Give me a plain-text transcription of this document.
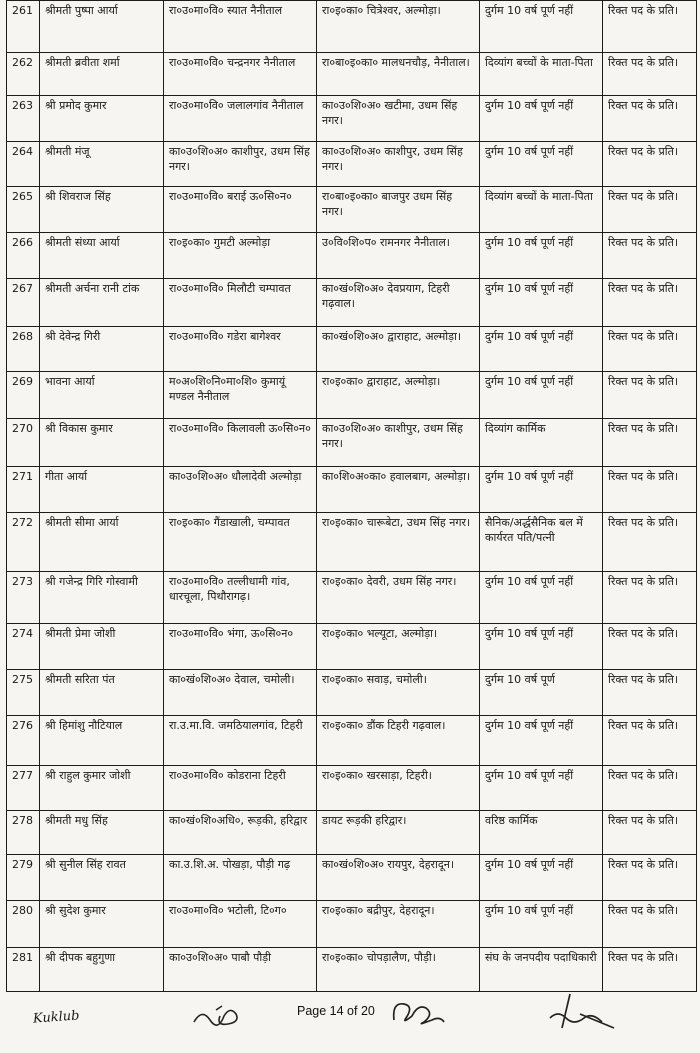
261	श्रीमती पुष्पा आर्या	रा०उ०मा०वि० स्यात नैनीताल	रा०इ०का० चित्रेश्वर, अल्मोड़ा।	दुर्गम 10 वर्ष पूर्ण नहीं	रिक्त पद के प्रति।
262	श्रीमती ब्रवीता शर्मा	रा०उ०मा०वि० चन्द्रनगर नैनीताल	रा०बा०इ०का० मालधनचौड़, नैनीताल।	दिव्यांग बच्चों के माता-पिता	रिक्त पद के प्रति।
263	श्री प्रमोद कुमार	रा०उ०मा०वि० जलालगांव नैनीताल	का०उ०शि०अ० खटीमा, उधम सिंह नगर।	दुर्गम 10 वर्ष पूर्ण नहीं	रिक्त पद के प्रति।
264	श्रीमती मंजू	का०उ०शि०अ० काशीपुर, उधम सिंह नगर।	का०उ०शि०अ० काशीपुर, उधम सिंह नगर।	दुर्गम 10 वर्ष पूर्ण नहीं	रिक्त पद के प्रति।
265	श्री शिवराज सिंह	रा०उ०मा०वि० बराई ऊ०सि०न०	रा०बा०इ०का० बाजपुर उधम सिंह नगर।	दिव्यांग बच्चों के माता-पिता	रिक्त पद के प्रति।
266	श्रीमती संध्या आर्या	रा०इ०का० गुमटी अल्मोड़ा	उ०वि०शि०प० रामनगर नैनीताल।	दुर्गम 10 वर्ष पूर्ण नहीं	रिक्त पद के प्रति।
267	श्रीमती अर्चना रानी टांक	रा०उ०मा०वि० मिलौटी चम्पावत	का०खं०शि०अ० देवप्रयाग, टिहरी गढ़वाल।	दुर्गम 10 वर्ष पूर्ण नहीं	रिक्त पद के प्रति।
268	श्री देवेन्द्र गिरी	रा०उ०मा०वि० गडेरा बागेश्वर	का०खं०शि०अ० द्वाराहाट, अल्मोड़ा।	दुर्गम 10 वर्ष पूर्ण नहीं	रिक्त पद के प्रति।
269	भावना आर्या	म०अ०शि०नि०मा०शि० कुमायूं मण्डल नैनीताल	रा०इ०का० द्वाराहाट, अल्मोड़ा।	दुर्गम 10 वर्ष पूर्ण नहीं	रिक्त पद के प्रति।
270	श्री विकास कुमार	रा०उ०मा०वि० किलावली ऊ०सि०न०	का०उ०शि०अ० काशीपुर, उधम सिंह नगर।	दिव्यांग कार्मिक	रिक्त पद के प्रति।
271	गीता आर्या	का०उ०शि०अ० धौलादेवी अल्मोड़ा	का०शि०अ०का० हवालबाग, अल्मोड़ा।	दुर्गम 10 वर्ष पूर्ण नहीं	रिक्त पद के प्रति।
272	श्रीमती सीमा आर्या	रा०इ०का० गैंडाखाली, चम्पावत	रा०इ०का० चारूबेटा, उधम सिंह नगर।	सैनिक/अर्द्धसैनिक बल में कार्यरत पति/पत्नी	रिक्त पद के प्रति।
273	श्री गजेन्द्र गिरि गोस्वामी	रा०उ०मा०वि० तल्लीधामी गांव, धारचूला, पिथौरागढ़।	रा०इ०का० देवरी, उधम सिंह नगर।	दुर्गम 10 वर्ष पूर्ण नहीं	रिक्त पद के प्रति।
274	श्रीमती प्रेमा जोशी	रा०उ०मा०वि० भंगा, ऊ०सि०न०	रा०इ०का० भल्यूटा, अल्मोड़ा।	दुर्गम 10 वर्ष पूर्ण नहीं	रिक्त पद के प्रति।
275	श्रीमती सरिता पंत	का०खं०शि०अ० देवाल, चमोली।	रा०इ०का० सवाड़, चमोली।	दुर्गम 10 वर्ष पूर्ण	रिक्त पद के प्रति।
276	श्री हिमांशु नौटियाल	रा.उ.मा.वि. जमठियालगांव, टिहरी	रा०इ०का० डौंक टिहरी गढ़वाल।	दुर्गम 10 वर्ष पूर्ण नहीं	रिक्त पद के प्रति।
277	श्री राहुल कुमार जोशी	रा०उ०मा०वि० कोडराना टिहरी	रा०इ०का० खरसाड़ा, टिहरी।	दुर्गम 10 वर्ष पूर्ण नहीं	रिक्त पद के प्रति।
278	श्रीमती मधु सिंह	का०खं०शि०अधि०, रूड़की, हरिद्वार	डायट रूड़की हरिद्वार।	वरिष्ठ कार्मिक	रिक्त पद के प्रति।
279	श्री सुनील सिंह रावत	का.उ.शि.अ. पोखड़ा, पौड़ी गढ़	का०खं०शि०अ० रायपुर, देहरादून।	दुर्गम 10 वर्ष पूर्ण नहीं	रिक्त पद के प्रति।
280	श्री सुदेश कुमार	रा०उ०मा०वि० भटोली, टि०ग०	रा०इ०का० बद्रीपुर, देहरादून।	दुर्गम 10 वर्ष पूर्ण नहीं	रिक्त पद के प्रति।
281	श्री दीपक बहुगुणा	का०उ०शि०अ० पाबौ पौड़ी	रा०इ०का० चोपड़ालैण, पौड़ी।	संघ के जनपदीय पदाधिकारी	रिक्त पद के प्रति।
Kuklub	Page 14 of 20
